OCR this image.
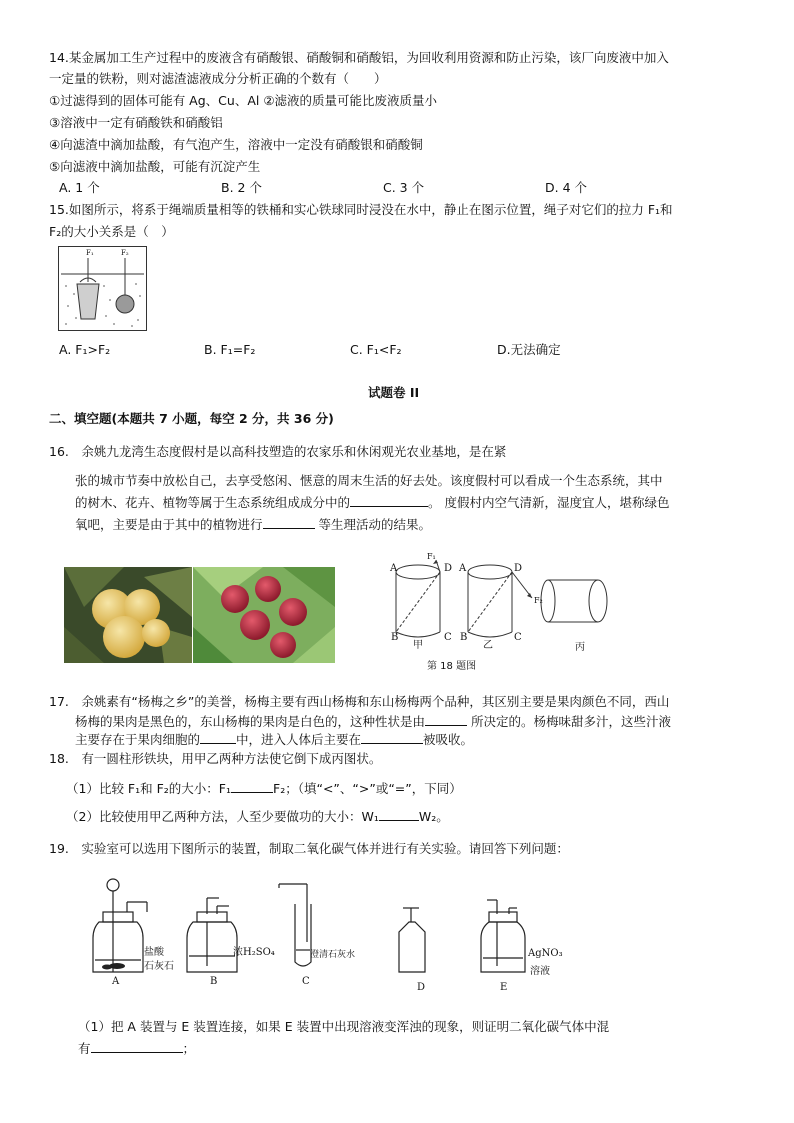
14.某金属加工生产过程中的废液含有硝酸银、硝酸铜和硝酸铝，为回收利用资源和防止污染，该厂向废液中加入
一定量的铁粉，则对滤渣滤液成分分析正确的个数有（　　）
①过滤得到的固体可能有 Ag、Cu、Al ②滤液的质量可能比废液质量小
③溶液中一定有硝酸铁和硝酸铝
④向滤渣中滴加盐酸，有气泡产生，溶液中一定没有硝酸银和硝酸铜
⑤向滤液中滴加盐酸，可能有沉淀产生
A. 1 个	B. 2 个	C. 3 个	D. 4 个
15.如图所示，将系于绳端质量相等的铁桶和实心铁球同时浸没在水中，静止在图示位置，绳子对它们的拉力 F₁和
F₂的大小关系是（　）
F₁	F₂
A. F₁>F₂	B. F₁=F₂	C. F₁<F₂	D.无法确定
试题卷 II
二、填空题(本题共 7 小题，每空 2 分，共 36 分)
16.　余姚九龙湾生态度假村是以高科技塑造的农家乐和休闲观光农业基地，是在紧
张的城市节奏中放松自己，去享受悠闲、惬意的周末生活的好去处。该度假村可以看成一个生态系统，其中
的树木、花卉、植物等属于生态系统组成成分中的	。 度假村内空气清新，湿度宜人，堪称绿色
氧吧，主要是由于其中的植物进行	等生理活动的结果。
A	D
B	C
甲
A	D
B	C
乙	丙
F₁
F₂
第 18 题图
17.　余姚素有“杨梅之乡”的美誉，杨梅主要有西山杨梅和东山杨梅两个品种，其区别主要是果肉颜色不同，西山
杨梅的果肉是黑色的，东山杨梅的果肉是白色的，这种性状是由	所决定的。杨梅味甜多汁，这些汁液
主要存在于果肉细胞的	中，进入人体后主要在	被吸收。
18.　有一圆柱形铁块，用甲乙两种方法使它倒下成丙图状。
（1）比较 F₁和 F₂的大小：F₁	F₂；（填“<”、“>”或“=”，下同）
（2）比较使用甲乙两种方法，人至少要做功的大小：W₁	W₂。
19.　实验室可以选用下图所示的装置，制取二氧化碳气体并进行有关实验。请回答下列问题：
盐酸
石灰石
浓H₂SO₄	澄清石灰水	AgNO₃
溶液
A	B	C
D	E
（1）把 A 装置与 E 装置连接，如果 E 装置中出现溶液变浑浊的现象，则证明二氧化碳气体中混
有	；
